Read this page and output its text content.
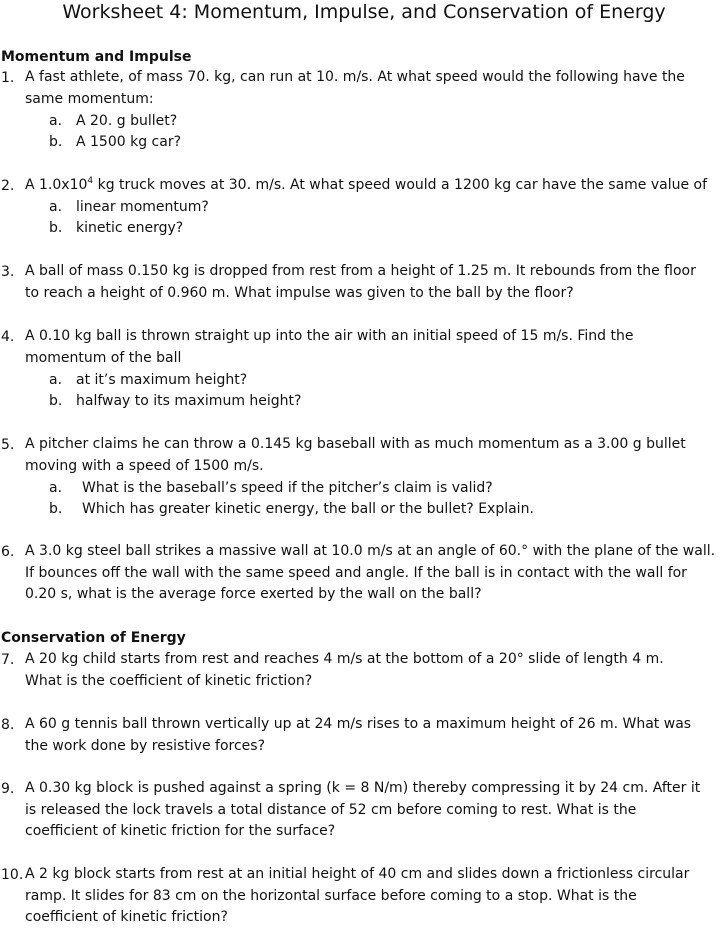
Worksheet 4: Momentum, Impulse, and Conservation of Energy
Momentum and Impulse
1. A fast athlete, of mass 70. kg, can run at 10. m/s. At what speed would the following have the
same momentum:
a. A 20. g bullet?
b. A 1500 kg car?
2. A $1.0x10^4$ kg truck moves at 30. m/s. At what speed would a 1200 kg car have the same value of
a. linear momentum?
b. kinetic energy?
3. A ball of mass 0.150 kg is dropped from rest from a height of 1.25 m. It rebounds from the floor
to reach a height of 0.960 m. What impulse was given to the ball by the floor?
4. A 0.10 kg ball is thrown straight up into the air with an initial speed of 15 m/s. Find the
momentum of the ball
a. at it’s maximum height?
b. halfway to its maximum height?
5. A pitcher claims he can throw a 0.145 kg baseball with as much momentum as a 3.00 g bullet
moving with a speed of 1500 m/s.
a. What is the baseball’s speed if the pitcher’s claim is valid?
b. Which has greater kinetic energy, the ball or the bullet? Explain.
6. A 3.0 kg steel ball strikes a massive wall at 10.0 m/s at an angle of 60.° with the plane of the wall.
If bounces off the wall with the same speed and angle. If the ball is in contact with the wall for
0.20 s, what is the average force exerted by the wall on the ball?
Conservation of Energy
7. A 20 kg child starts from rest and reaches 4 m/s at the bottom of a 20° slide of length 4 m.
What is the coefficient of kinetic friction?
8. A 60 g tennis ball thrown vertically up at 24 m/s rises to a maximum height of 26 m. What was
the work done by resistive forces?
9. A 0.30 kg block is pushed against a spring (k = 8 N/m) thereby compressing it by 24 cm. After it
is released the lock travels a total distance of 52 cm before coming to rest. What is the
coefficient of kinetic friction for the surface?
10. A 2 kg block starts from rest at an initial height of 40 cm and slides down a frictionless circular
ramp. It slides for 83 cm on the horizontal surface before coming to a stop. What is the
coefficient of kinetic friction?
